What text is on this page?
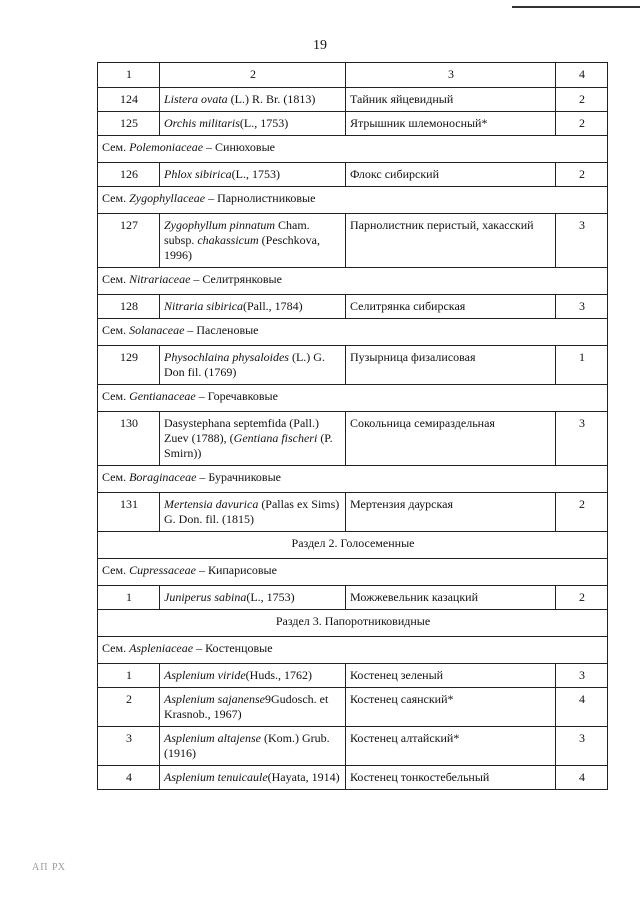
19
1	2	3	4
124	Listera ovata (L.) R. Br. (1813)	Тайник яйцевидный	2
125	Orchis militaris(L., 1753)	Ятрышник шлемоносный*	2
Сем. Polemoniaceae – Синюховые			
126	Phlox sibirica(L., 1753)	Флокс сибирский	2
Сем. Zygophyllaceae – Парнолистниковые			
127	Zygophyllum pinnatum Cham. subsp. chakassicum (Peschkova, 1996)	Парнолистник перистый, хакасский	3
Сем. Nitrariaceae – Селитрянковые			
128	Nitraria sibirica(Pall., 1784)	Селитрянка сибирская	3
Сем. Solanaceae – Пасленовые			
129	Physochlaina physaloides (L.) G. Don fil. (1769)	Пузырница физалисовая	1
Сем. Gentianaceae – Горечавковые			
130	Dasystephana septemfida (Pall.) Zuev (1788), (Gentiana fischeri (P. Smirn))	Сокольница семираздельная	3
Сем. Boraginaceae – Бурачниковые			
131	Mertensia davurica (Pallas ex Sims) G. Don. fil. (1815)	Мертензия даурская	2
Раздел 2. Голосеменные			
Сем. Cupressaceae – Кипарисовые			
1	Juniperus sabina(L., 1753)	Можжевельник казацкий	2
Раздел 3. Папоротниковидные			
Сем. Aspleniaceae – Костенцовые			
1	Asplenium viride(Huds., 1762)	Костенец зеленый	3
2	Asplenium sajanense9Gudosch. et Krasnob., 1967)	Костенец саянский*	4
3	Asplenium altajense (Kom.) Grub. (1916)	Костенец алтайский*	3
4	Asplenium tenuicaule(Hayata, 1914)	Костенец тонкостебельный	4
АП РХ
